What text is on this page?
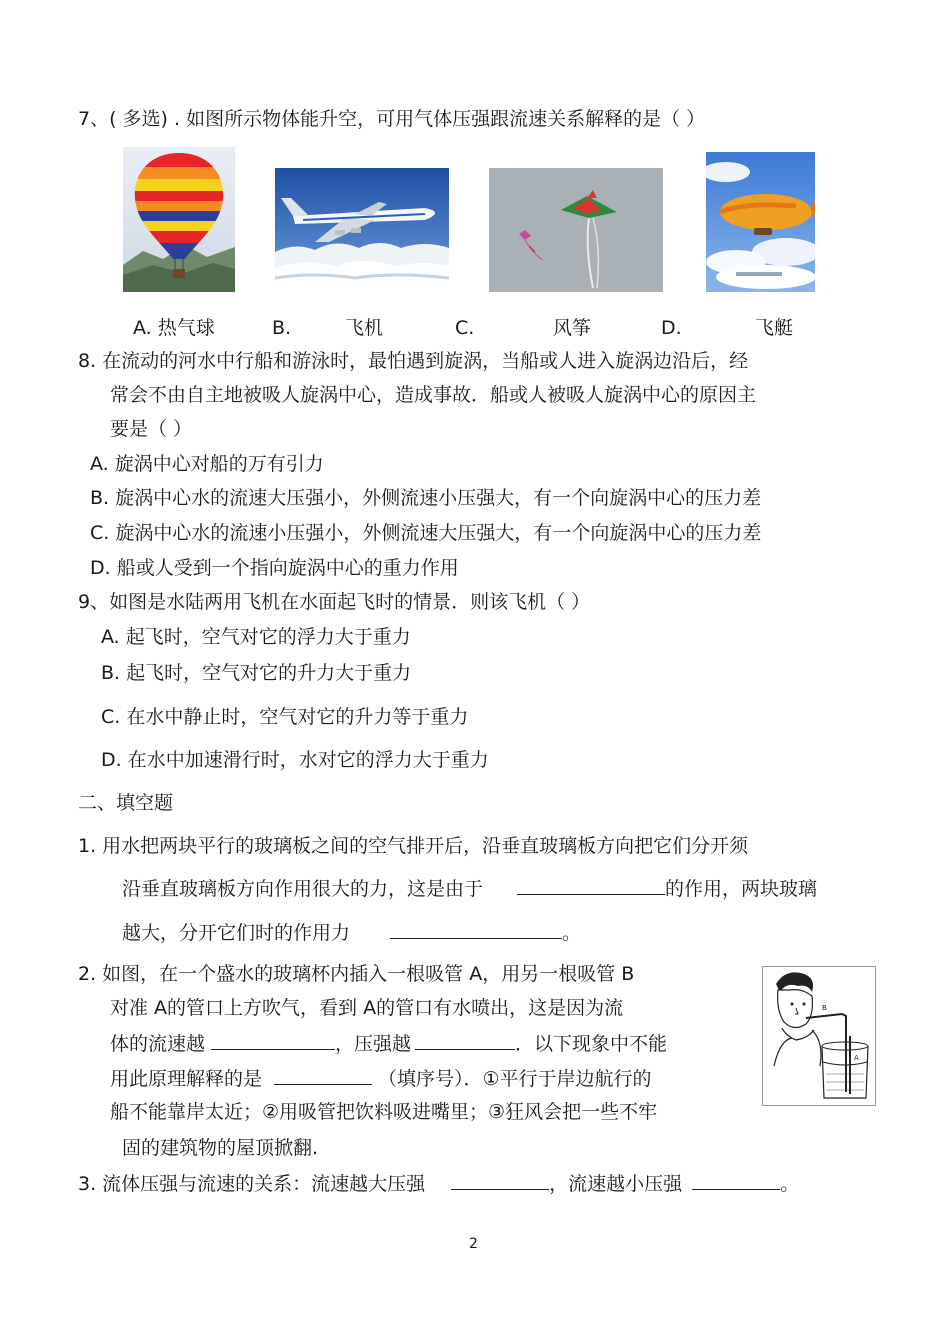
7、( 多选) . 如图所示物体能升空，可用气体压强跟流速关系解释的是（ ）
A. 热气球	B.	飞机	C.	风筝	D.	飞艇
8. 在流动的河水中行船和游泳时，最怕遇到旋涡，当船或人进入旋涡边沿后，经
常会不由自主地被吸人旋涡中心，造成事故．船或人被吸人旋涡中心的原因主
要是（ ）
A. 旋涡中心对船的万有引力
B. 旋涡中心水的流速大压强小，外侧流速小压强大，有一个向旋涡中心的压力差
C. 旋涡中心水的流速小压强小，外侧流速大压强大，有一个向旋涡中心的压力差
D. 船或人受到一个指向旋涡中心的重力作用
9、如图是水陆两用飞机在水面起飞时的情景．则该飞机（ ）
A. 起飞时，空气对它的浮力大于重力
B. 起飞时，空气对它的升力大于重力
C. 在水中静止时，空气对它的升力等于重力
D. 在水中加速滑行时，水对它的浮力大于重力
二、填空题
1. 用水把两块平行的玻璃板之间的空气排开后，沿垂直玻璃板方向把它们分开须
沿垂直玻璃板方向作用很大的力，这是由于	的作用，两块玻璃
越大，分开它们时的作用力	。
2. 如图，在一个盛水的玻璃杯内插入一根吸管 A，用另一根吸管 B
对准 A的管口上方吹气，看到 A的管口有水喷出，这是因为流
体的流速越	，压强越	．以下现象中不能
用此原理解释的是	（填序号）．①平行于岸边航行的
船不能靠岸太近；②用吸管把饮料吸进嘴里；③狂风会把一些不牢
固的建筑物的屋顶掀翻.
B
A
3. 流体压强与流速的关系：流速越大压强	，流速越小压强	。
2
